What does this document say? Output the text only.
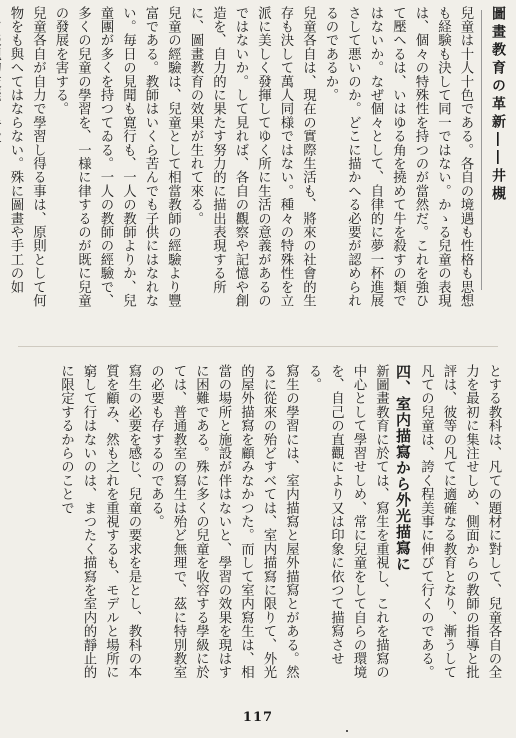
圖畫教育の革新――井槻
兒童は十人十色である。各自の境遇も性格も思想も経験も決して同一ではない。かゝる兒童の表現は、個々の特殊性を持つのが當然だ。これを強ひて壓へるは、いはゆる角を撓めて牛を殺すの類ではないか。なぜ個々として、自律的に夢一杯進展さして悪いのか。どこに描かへる必要が認められるのであるか。
兒童各自は、現在の實際生活も、將來の社會的生存も決して萬人同様ではない。種々の特殊性を立派に美しく發揮してゆく所に生活の意義があるのではないか。して見れば、各自の觀察や記憶や創造を、自力的に果たす努力的に描出表現する所に、圖畫教育の效果が生れて來る。
兒童の經驗は、兒童として相當教師の經驗より豐富である。教師はいくら苦んでも子供にはなれない。毎日の見聞も寛行も、一人の教師よりか、兒童團が多くを持つてゐる。一人の教師の經驗で、多くの兒童の學習を、一様に律するのが既に兒童の發展を害する。
兒童各自が自力で學習し得る事は、原則として何物をも與へてはならない。殊に圖畫や手工の如
とする教科は、凡ての題材に對して、兒童各自の全力を最初に集注せしめ、側面からの教師の指導と批評は、彼等の凡てに適確なる教育となり、漸うして凡ての兒童は、誇く程美事に伸びて行くのである。
四、室内描寫から外光描寫に
新圖畫教育に於ては、寫生を重視し、これを描寫の中心として學習せしめ、常に兒童をして自らの環境を、自己の直觀により又は印象に依つて描寫させる。
寫生の學習には、室内描寫と屋外描寫とがある。然るに從來の殆どすべては、室内描寫に限りて、外光的屋外描寫を顧みなかつた。而して室内寫生は、相當の場所と施設が伴はないと、學習の效果を現はすに困難である。殊に多くの兒童を收容する學級に於ては、普通教室の寫生は殆ど無理で、茲に特別教室の必要も存するのである。
寫生の必要を感じ、兒童の要求を是とし、教科の本質を顧み、然も之れを重視するも、モデルと場所に窮して行はないのは、まつたく描寫を室内的靜止的に限定するからのことで
117
